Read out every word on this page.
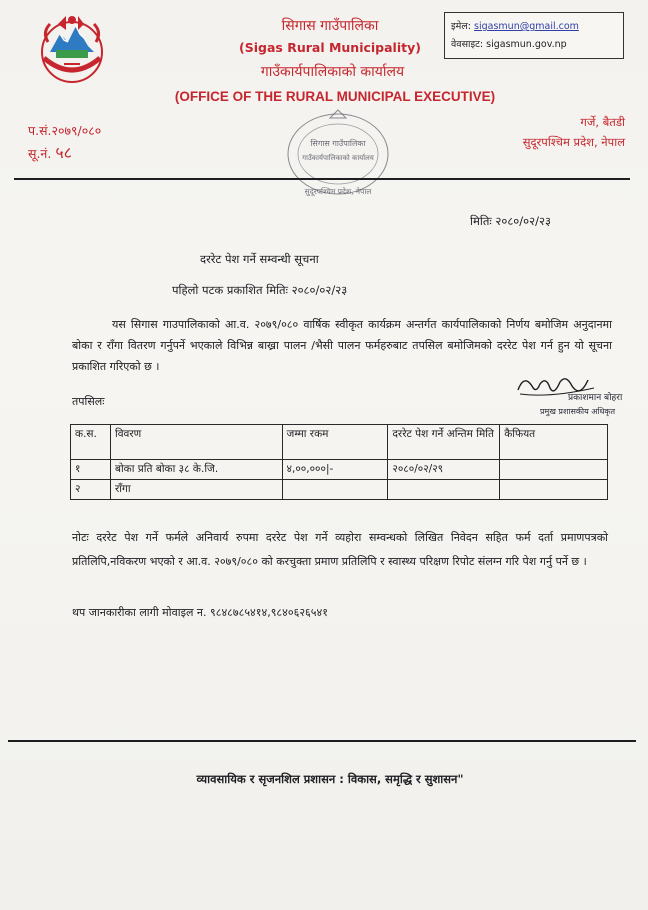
सिगास गाउँपालिका
(Sigas Rural Municipality)
गाउँकार्यपालिकाको कार्यालय
(OFFICE OF THE RURAL MUNICIPAL EXECUTIVE)
इमेल: sigasmun@gmail.com
वेवसाइट: sigasmun.gov.np
प.सं.२०७९/०८०
सू.नं. ५८
गर्जे, बैतडी
सुदूरपश्चिम प्रदेश, नेपाल
सिगास गाउँपालिका
गाउँकार्यपालिकाको कार्यालय
सुदूरपश्चिम प्रदेश, नेपाल
मितिः २०८०/०२/२३
दररेट पेश गर्ने सम्वन्धी सूचना
पहिलो पटक प्रकाशित मितिः २०८०/०२/२३
यस सिगास गाउपालिकाको आ.व. २०७९/०८० वार्षिक स्वीकृत कार्यक्रम अन्तर्गत कार्यपालिकाको निर्णय बमोजिम अनुदानमा बोका र राँगा वितरण गर्नुपर्ने भएकाले विभिन्न बाख्रा पालन /भैसी पालन फर्महरुबाट तपसिल बमोजिमको दररेट पेश गर्न हुन यो सूचना प्रकाशित गरिएको छ ।
प्रकाशमान बोहरा
प्रमुख प्रशासकीय अधिकृत
तपसिलः
क.स.	विवरण	जम्मा रकम	दररेट पेश गर्ने अन्तिम मिति	कैफियत
१	बोका प्रति बोका ३८ के.जि.	४,००,०००|-	२०८०/०२/२९	
२	राँगा			
नोटः दररेट पेश गर्ने फर्मले अनिवार्य रुपमा दररेट पेश गर्ने व्यहोरा सम्वन्धको लिखित निवेदन सहित फर्म दर्ता प्रमाणपत्रको प्रतिलिपि,नविकरण भएको र आ.व. २०७९/०८० को करचुक्ता प्रमाण प्रतिलिपि र स्वास्थ्य परिक्षण रिपोट संलग्न गरि पेश गर्नु पर्ने छ ।
थप जानकारीका लागी मोवाइल न. ९८४८७८५४१४,९८४०६२६५४१
व्यावसायिक र सृजनशिल प्रशासन : विकास, समृद्धि र सुशासन"
